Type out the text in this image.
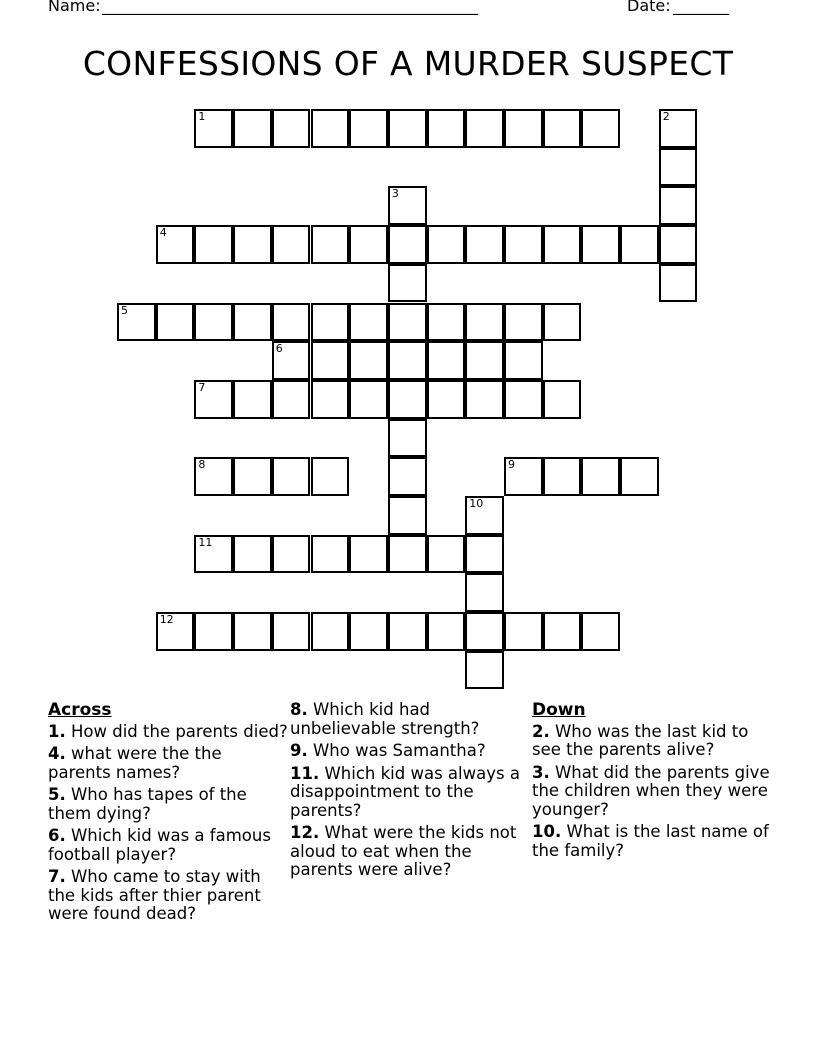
Name: _______________________________________________	Date: _______
CONFESSIONS OF A MURDER SUSPECT
1	2
3
4
5
6
7
8	9
10
11
12
Across
1. How did the parents died?
4. what were the the parents names?
5. Who has tapes of the them dying?
6. Which kid was a famous football player?
7. Who came to stay with the kids after thier parent were found dead?
8. Which kid had unbelievable strength?
9. Who was Samantha?
11. Which kid was always a disappointment to the parents?
12. What were the kids not aloud to eat when the parents were alive?
Down
2. Who was the last kid to see the parents alive?
3. What did the parents give the children when they were younger?
10. What is the last name of the family?
